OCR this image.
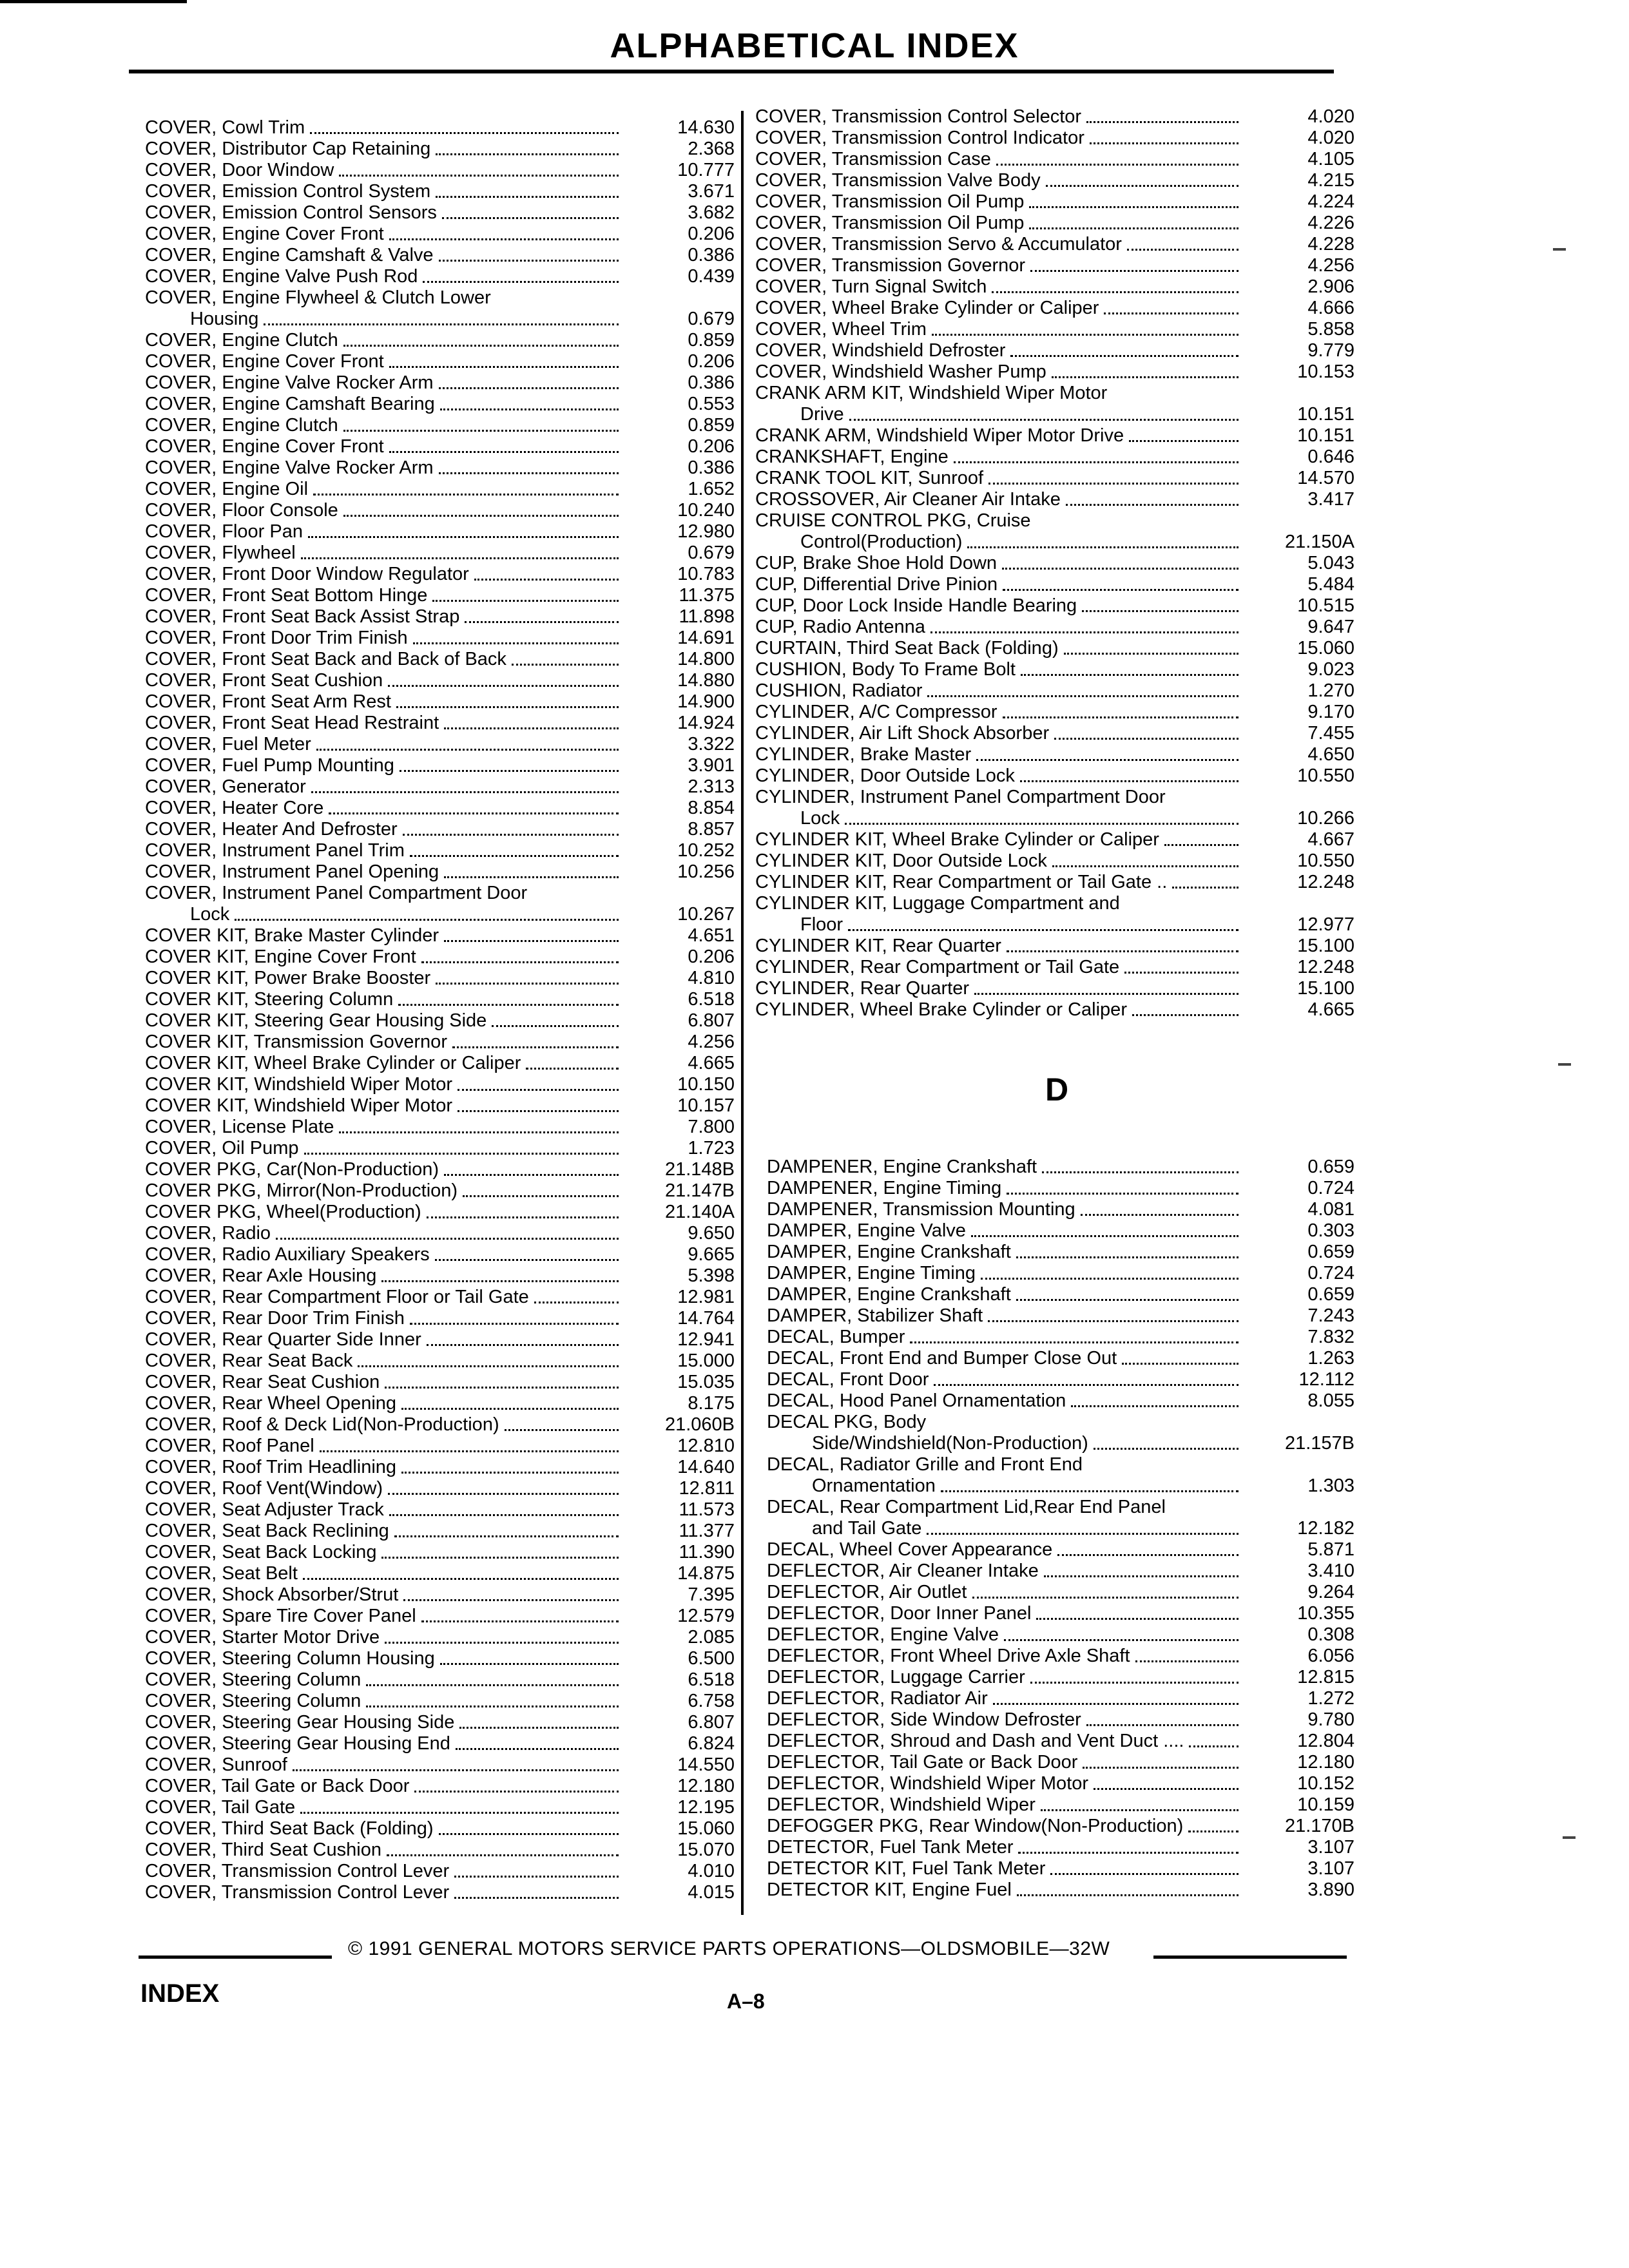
ALPHABETICAL INDEX
COVER, Cowl Trim	14.630
COVER, Distributor Cap Retaining	2.368
COVER, Door Window	10.777
COVER, Emission Control System	3.671
COVER, Emission Control Sensors	3.682
COVER, Engine Cover Front	0.206
COVER, Engine Camshaft & Valve	0.386
COVER, Engine Valve Push Rod	0.439
COVER, Engine Flywheel & Clutch Lower
Housing	0.679
COVER, Engine Clutch	0.859
COVER, Engine Cover Front	0.206
COVER, Engine Valve Rocker Arm	0.386
COVER, Engine Camshaft Bearing	0.553
COVER, Engine Clutch	0.859
COVER, Engine Cover Front	0.206
COVER, Engine Valve Rocker Arm	0.386
COVER, Engine Oil	1.652
COVER, Floor Console	10.240
COVER, Floor Pan	12.980
COVER, Flywheel	0.679
COVER, Front Door Window Regulator	10.783
COVER, Front Seat Bottom Hinge	11.375
COVER, Front Seat Back Assist Strap	11.898
COVER, Front Door Trim Finish	14.691
COVER, Front Seat Back and Back of Back	14.800
COVER, Front Seat Cushion	14.880
COVER, Front Seat Arm Rest	14.900
COVER, Front Seat Head Restraint	14.924
COVER, Fuel Meter	3.322
COVER, Fuel Pump Mounting	3.901
COVER, Generator	2.313
COVER, Heater Core	8.854
COVER, Heater And Defroster	8.857
COVER, Instrument Panel Trim	10.252
COVER, Instrument Panel Opening	10.256
COVER, Instrument Panel Compartment Door
Lock	10.267
COVER KIT, Brake Master Cylinder	4.651
COVER KIT, Engine Cover Front	0.206
COVER KIT, Power Brake Booster	4.810
COVER KIT, Steering Column	6.518
COVER KIT, Steering Gear Housing Side	6.807
COVER KIT, Transmission Governor	4.256
COVER KIT, Wheel Brake Cylinder or Caliper	4.665
COVER KIT, Windshield Wiper Motor	10.150
COVER KIT, Windshield Wiper Motor	10.157
COVER, License Plate	7.800
COVER, Oil Pump	1.723
COVER PKG, Car(Non-Production)	21.148B
COVER PKG, Mirror(Non-Production)	21.147B
COVER PKG, Wheel(Production)	21.140A
COVER, Radio	9.650
COVER, Radio Auxiliary Speakers	9.665
COVER, Rear Axle Housing	5.398
COVER, Rear Compartment Floor or Tail Gate	12.981
COVER, Rear Door Trim Finish	14.764
COVER, Rear Quarter Side Inner	12.941
COVER, Rear Seat Back	15.000
COVER, Rear Seat Cushion	15.035
COVER, Rear Wheel Opening	8.175
COVER, Roof & Deck Lid(Non-Production)	21.060B
COVER, Roof Panel	12.810
COVER, Roof Trim Headlining	14.640
COVER, Roof Vent(Window)	12.811
COVER, Seat Adjuster Track	11.573
COVER, Seat Back Reclining	11.377
COVER, Seat Back Locking	11.390
COVER, Seat Belt	14.875
COVER, Shock Absorber/Strut	7.395
COVER, Spare Tire Cover Panel	12.579
COVER, Starter Motor Drive	2.085
COVER, Steering Column Housing	6.500
COVER, Steering Column	6.518
COVER, Steering Column	6.758
COVER, Steering Gear Housing Side	6.807
COVER, Steering Gear Housing End	6.824
COVER, Sunroof	14.550
COVER, Tail Gate or Back Door	12.180
COVER, Tail Gate	12.195
COVER, Third Seat Back (Folding)	15.060
COVER, Third Seat Cushion	15.070
COVER, Transmission Control Lever	4.010
COVER, Transmission Control Lever	4.015
COVER, Transmission Control Selector	4.020
COVER, Transmission Control Indicator	4.020
COVER, Transmission Case	4.105
COVER, Transmission Valve Body	4.215
COVER, Transmission Oil Pump	4.224
COVER, Transmission Oil Pump	4.226
COVER, Transmission Servo & Accumulator	4.228
COVER, Transmission Governor	4.256
COVER, Turn Signal Switch	2.906
COVER, Wheel Brake Cylinder or Caliper	4.666
COVER, Wheel Trim	5.858
COVER, Windshield Defroster	9.779
COVER, Windshield Washer Pump	10.153
CRANK ARM KIT, Windshield Wiper Motor
Drive	10.151
CRANK ARM, Windshield Wiper Motor Drive	10.151
CRANKSHAFT, Engine	0.646
CRANK TOOL KIT, Sunroof	14.570
CROSSOVER, Air Cleaner Air Intake	3.417
CRUISE CONTROL PKG, Cruise
Control(Production)	21.150A
CUP, Brake Shoe Hold Down	5.043
CUP, Differential Drive Pinion	5.484
CUP, Door Lock Inside Handle Bearing	10.515
CUP, Radio Antenna	9.647
CURTAIN, Third Seat Back (Folding)	15.060
CUSHION, Body To Frame Bolt	9.023
CUSHION, Radiator	1.270
CYLINDER, A/C Compressor	9.170
CYLINDER, Air Lift Shock Absorber	7.455
CYLINDER, Brake Master	4.650
CYLINDER, Door Outside Lock	10.550
CYLINDER, Instrument Panel Compartment Door
Lock	10.266
CYLINDER KIT, Wheel Brake Cylinder or Caliper	4.667
CYLINDER KIT, Door Outside Lock	10.550
CYLINDER KIT, Rear Compartment or Tail Gate ..	12.248
CYLINDER KIT, Luggage Compartment and
Floor	12.977
CYLINDER KIT, Rear Quarter	15.100
CYLINDER, Rear Compartment or Tail Gate	12.248
CYLINDER, Rear Quarter	15.100
CYLINDER, Wheel Brake Cylinder or Caliper	4.665
D
DAMPENER, Engine Crankshaft	0.659
DAMPENER, Engine Timing	0.724
DAMPENER, Transmission Mounting	4.081
DAMPER, Engine Valve	0.303
DAMPER, Engine Crankshaft	0.659
DAMPER, Engine Timing	0.724
DAMPER, Engine Crankshaft	0.659
DAMPER, Stabilizer Shaft	7.243
DECAL, Bumper	7.832
DECAL, Front End and Bumper Close Out	1.263
DECAL, Front Door	12.112
DECAL, Hood Panel Ornamentation	8.055
DECAL PKG, Body
Side/Windshield(Non-Production)	21.157B
DECAL, Radiator Grille and Front End
Ornamentation	1.303
DECAL, Rear Compartment Lid,Rear End Panel
and Tail Gate	12.182
DECAL, Wheel Cover Appearance	5.871
DEFLECTOR, Air Cleaner Intake	3.410
DEFLECTOR, Air Outlet	9.264
DEFLECTOR, Door Inner Panel	10.355
DEFLECTOR, Engine Valve	0.308
DEFLECTOR, Front Wheel Drive Axle Shaft	6.056
DEFLECTOR, Luggage Carrier	12.815
DEFLECTOR, Radiator Air	1.272
DEFLECTOR, Side Window Defroster	9.780
DEFLECTOR, Shroud and Dash and Vent Duct ....	12.804
DEFLECTOR, Tail Gate or Back Door	12.180
DEFLECTOR, Windshield Wiper Motor	10.152
DEFLECTOR, Windshield Wiper	10.159
DEFOGGER PKG, Rear Window(Non-Production)	21.170B
DETECTOR, Fuel Tank Meter	3.107
DETECTOR KIT, Fuel Tank Meter	3.107
DETECTOR KIT, Engine Fuel	3.890
© 1991 GENERAL MOTORS SERVICE PARTS OPERATIONS—OLDSMOBILE—32W
INDEX	A–8
